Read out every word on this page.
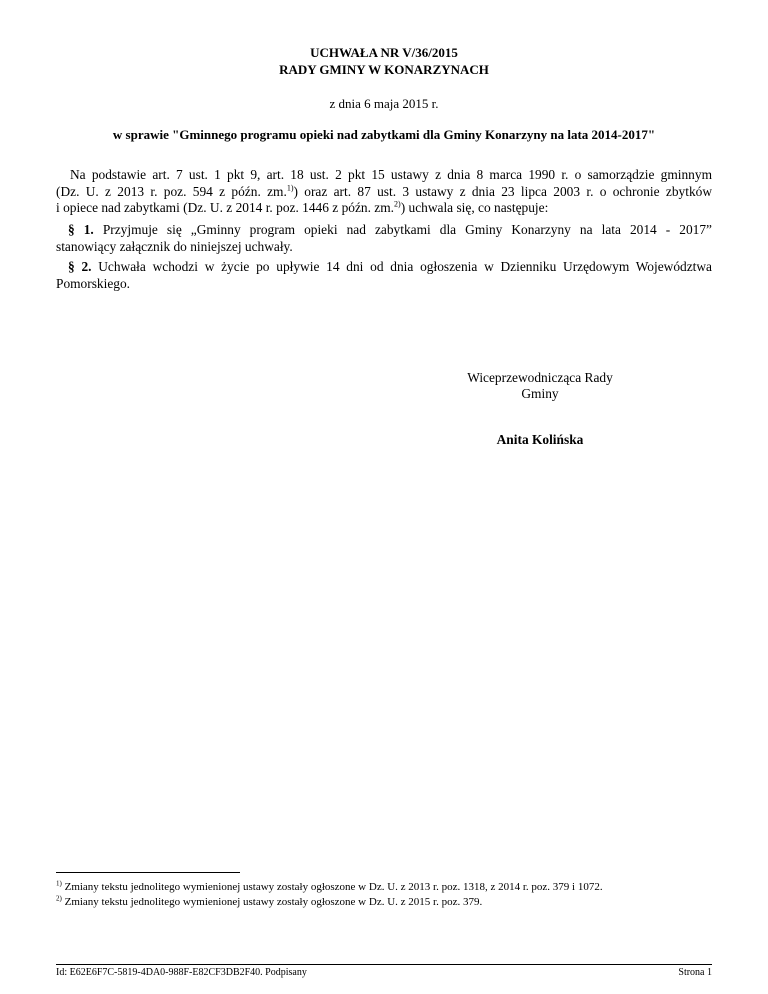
UCHWAŁA NR V/36/2015
RADY GMINY W KONARZYNACH
z dnia 6 maja 2015 r.
w sprawie "Gminnego programu opieki nad zabytkami dla Gminy Konarzyny na lata 2014-2017"
Na podstawie art. 7 ust. 1 pkt 9, art. 18 ust. 2 pkt 15 ustawy z dnia 8 marca 1990 r. o samorządzie gminnym
(Dz. U. z 2013 r. poz. 594 z późn. zm.$^{1)}$) oraz art. 87 ust. 3 ustawy z dnia 23 lipca 2003 r. o ochronie zbytków
i opiece nad zabytkami (Dz. U. z 2014 r. poz. 1446 z późn. zm.$^{2)}$) uchwala się, co następuje:
§ 1. Przyjmuje się „Gminny program opieki nad zabytkami dla Gminy Konarzyny na lata 2014 - 2017”
stanowiący załącznik do niniejszej uchwały.
§ 2. Uchwała wchodzi w życie po upływie 14 dni od dnia ogłoszenia w Dzienniku Urzędowym Województwa
Pomorskiego.
Wiceprzewodnicząca Rady
Gminy
Anita Kolińska
$^{1)}$ Zmiany tekstu jednolitego wymienionej ustawy zostały ogłoszone w Dz. U. z 2013 r. poz. 1318, z 2014 r. poz. 379 i 1072.
$^{2)}$ Zmiany tekstu jednolitego wymienionej ustawy zostały ogłoszone w Dz. U. z 2015 r. poz. 379.
Id: E62E6F7C-5819-4DA0-988F-E82CF3DB2F40. Podpisany	Strona 1
